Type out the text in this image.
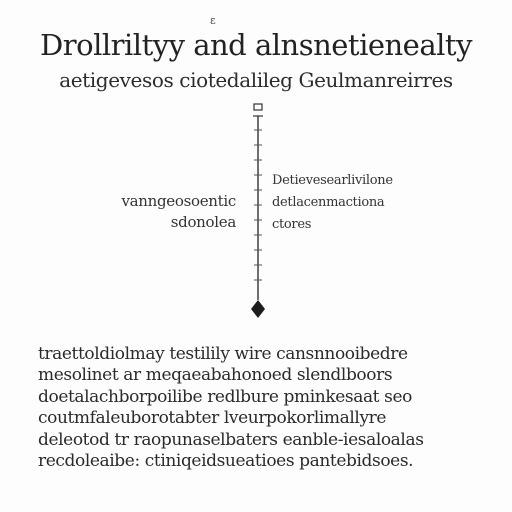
ε
Drollriltyy and alnsnetienealty
aetigevesos ciotedalileg Geulmanreirres
vanngeosoentic
sdonolea
Detievesearlivilone
detlacenmactiona
ctores
traettoldiolmay testilily wire cansnnooibedre
mesolinet ar meqaeabahonoed slendlboors
doetalachborpoilibe redlbure pminkesaat seo
coutmfaleuborotabter lveurpokorlimallyre
deleotod tr raopunaselbaters eanble-iesaloalas
recdoleaibe: ctiniqeidsueatioes pantebidsoes.
